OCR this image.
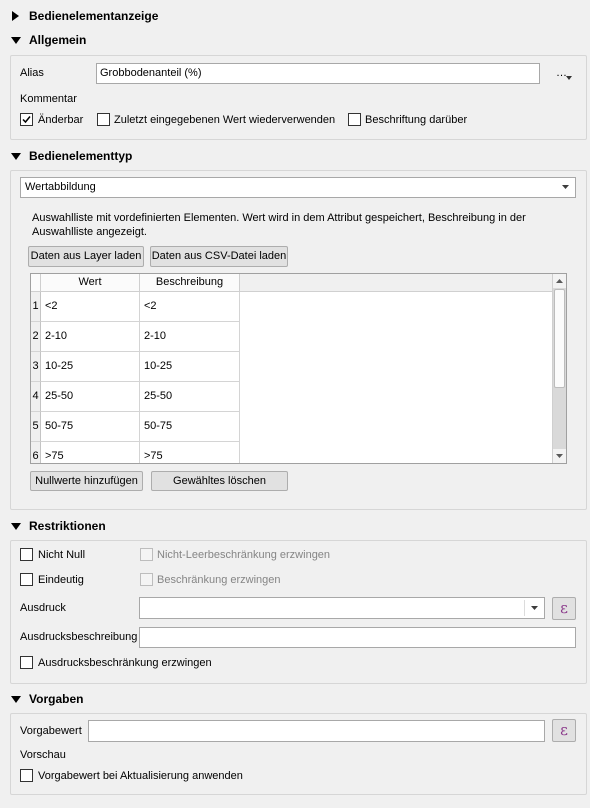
Bedienelementanzeige
Allgemein
Alias	Grobbodenanteil (%)	…
Kommentar
Änderbar	Zuletzt eingegebenen Wert wiederverwenden	Beschriftung darüber
Bedienelementtyp
Wertabbildung
Auswahlliste mit vordefinierten Elementen. Wert wird in dem Attribut gespeichert, Beschreibung in der Auswahlliste angezeigt.
Daten aus Layer laden Daten aus CSV-Datei laden
Wert	Beschreibung
1 <2	<2
2 2-10	2-10
3 10-25	10-25
4 25-50	25-50
5 50-75	50-75
6 >75	>75
Nullwerte hinzufügen	Gewähltes löschen
Restriktionen
Nicht Null	Nicht-Leerbeschränkung erzwingen
Eindeutig	Beschränkung erzwingen
Ausdruck	ε
Ausdrucksbeschreibung
Ausdrucksbeschränkung erzwingen
Vorgaben
Vorgabewert	ε
Vorschau
Vorgabewert bei Aktualisierung anwenden
